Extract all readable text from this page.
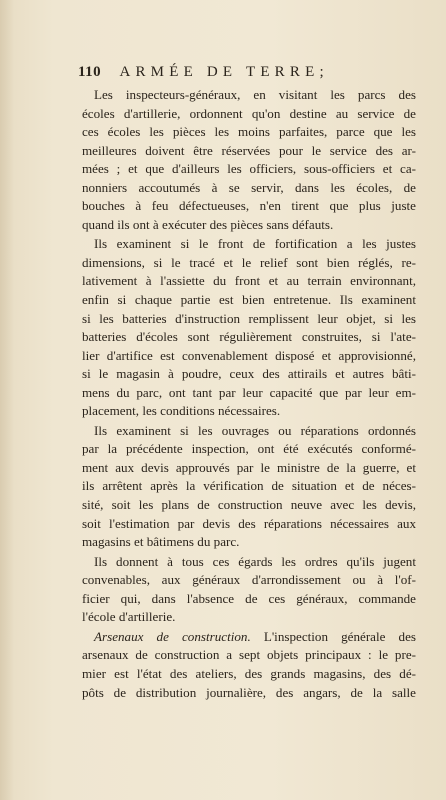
110 ARMÉE DE TERRE;

Les inspecteurs-généraux, en visitant les parcs des
écoles d'artillerie, ordonnent qu'on destine au service de
ces écoles les pièces les moins parfaites, parce que les
meilleures doivent être réservées pour le service des ar-
mées ; et que d'ailleurs les officiers, sous-officiers et ca-
nonniers accoutumés à se servir, dans les écoles, de
bouches à feu défectueuses, n'en tirent que plus juste
quand ils ont à exécuter des pièces sans défauts.

Ils examinent si le front de fortification a les justes
dimensions, si le tracé et le relief sont bien réglés, re-
lativement à l'assiette du front et au terrain environnant,
enfin si chaque partie est bien entretenue. Ils examinent
si les batteries d'instruction remplissent leur objet, si les
batteries d'écoles sont régulièrement construites, si l'ate-
lier d'artifice est convenablement disposé et approvisionné,
si le magasin à poudre, ceux des attirails et autres bâti-
mens du parc, ont tant par leur capacité que par leur em-
placement, les conditions nécessaires.

Ils examinent si les ouvrages ou réparations ordonnés
par la précédente inspection, ont été exécutés conformé-
ment aux devis approuvés par le ministre de la guerre, et
ils arrêtent après la vérification de situation et de néces-
sité, soit les plans de construction neuve avec les devis,
soit l'estimation par devis des réparations nécessaires aux
magasins et bâtimens du parc.

Ils donnent à tous ces égards les ordres qu'ils jugent
convenables, aux généraux d'arrondissement ou à l'of-
ficier qui, dans l'absence de ces généraux, commande
l'école d'artillerie.

Arsenaux de construction. L'inspection générale des
arsenaux de construction a sept objets principaux : le pre-
mier est l'état des ateliers, des grands magasins, des dé-
pôts de distribution journalière, des angars, de la salle
